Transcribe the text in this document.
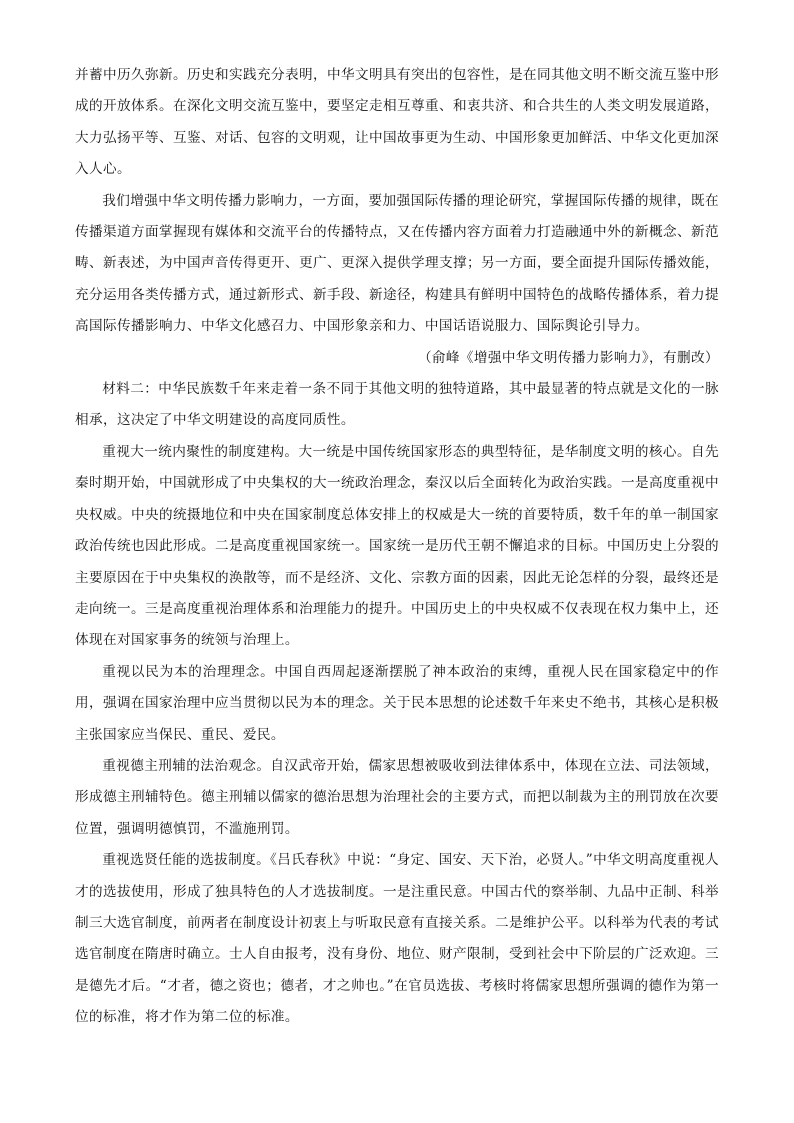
并蓄中历久弥新。历史和实践充分表明，中华文明具有突出的包容性，是在同其他文明不断交流互鉴中形成的开放体系。在深化文明交流互鉴中，要坚定走相互尊重、和衷共济、和合共生的人类文明发展道路，大力弘扬平等、互鉴、对话、包容的文明观，让中国故事更为生动、中国形象更加鲜活、中华文化更加深入人心。

我们增强中华文明传播力影响力，一方面，要加强国际传播的理论研究，掌握国际传播的规律，既在传播渠道方面掌握现有媒体和交流平台的传播特点，又在传播内容方面着力打造融通中外的新概念、新范畴、新表述，为中国声音传得更开、更广、更深入提供学理支撑；另一方面，要全面提升国际传播效能，充分运用各类传播方式，通过新形式、新手段、新途径，构建具有鲜明中国特色的战略传播体系，着力提高国际传播影响力、中华文化感召力、中国形象亲和力、中国话语说服力、国际舆论引导力。

（俞峰《增强中华文明传播力影响力》，有删改）

材料二：中华民族数千年来走着一条不同于其他文明的独特道路，其中最显著的特点就是文化的一脉相承，这决定了中华文明建设的高度同质性。

重视大一统内聚性的制度建构。大一统是中国传统国家形态的典型特征，是华制度文明的核心。自先秦时期开始，中国就形成了中央集权的大一统政治理念，秦汉以后全面转化为政治实践。一是高度重视中央权威。中央的统摄地位和中央在国家制度总体安排上的权威是大一统的首要特质，数千年的单一制国家政治传统也因此形成。二是高度重视国家统一。国家统一是历代王朝不懈追求的目标。中国历史上分裂的主要原因在于中央集权的涣散等，而不是经济、文化、宗教方面的因素，因此无论怎样的分裂，最终还是走向统一。三是高度重视治理体系和治理能力的提升。中国历史上的中央权威不仅表现在权力集中上，还体现在对国家事务的统领与治理上。

重视以民为本的治理理念。中国自西周起逐渐摆脱了神本政治的束缚，重视人民在国家稳定中的作用，强调在国家治理中应当贯彻以民为本的理念。关于民本思想的论述数千年来史不绝书，其核心是积极主张国家应当保民、重民、爱民。

重视德主刑辅的法治观念。自汉武帝开始，儒家思想被吸收到法律体系中，体现在立法、司法领域，形成德主刑辅特色。德主刑辅以儒家的德治思想为治理社会的主要方式，而把以制裁为主的刑罚放在次要位置，强调明德慎罚，不滥施刑罚。

重视选贤任能的选拔制度。《吕氏春秋》中说：“身定、国安、天下治，必贤人。”中华文明高度重视人才的选拔使用，形成了独具特色的人才选拔制度。一是注重民意。中国古代的察举制、九品中正制、科举制三大选官制度，前两者在制度设计初衷上与听取民意有直接关系。二是维护公平。以科举为代表的考试选官制度在隋唐时确立。士人自由报考，没有身份、地位、财产限制，受到社会中下阶层的广泛欢迎。三是德先才后。“才者，德之资也；德者，才之帅也。”在官员选拔、考核时将儒家思想所强调的德作为第一位的标准，将才作为第二位的标准。
